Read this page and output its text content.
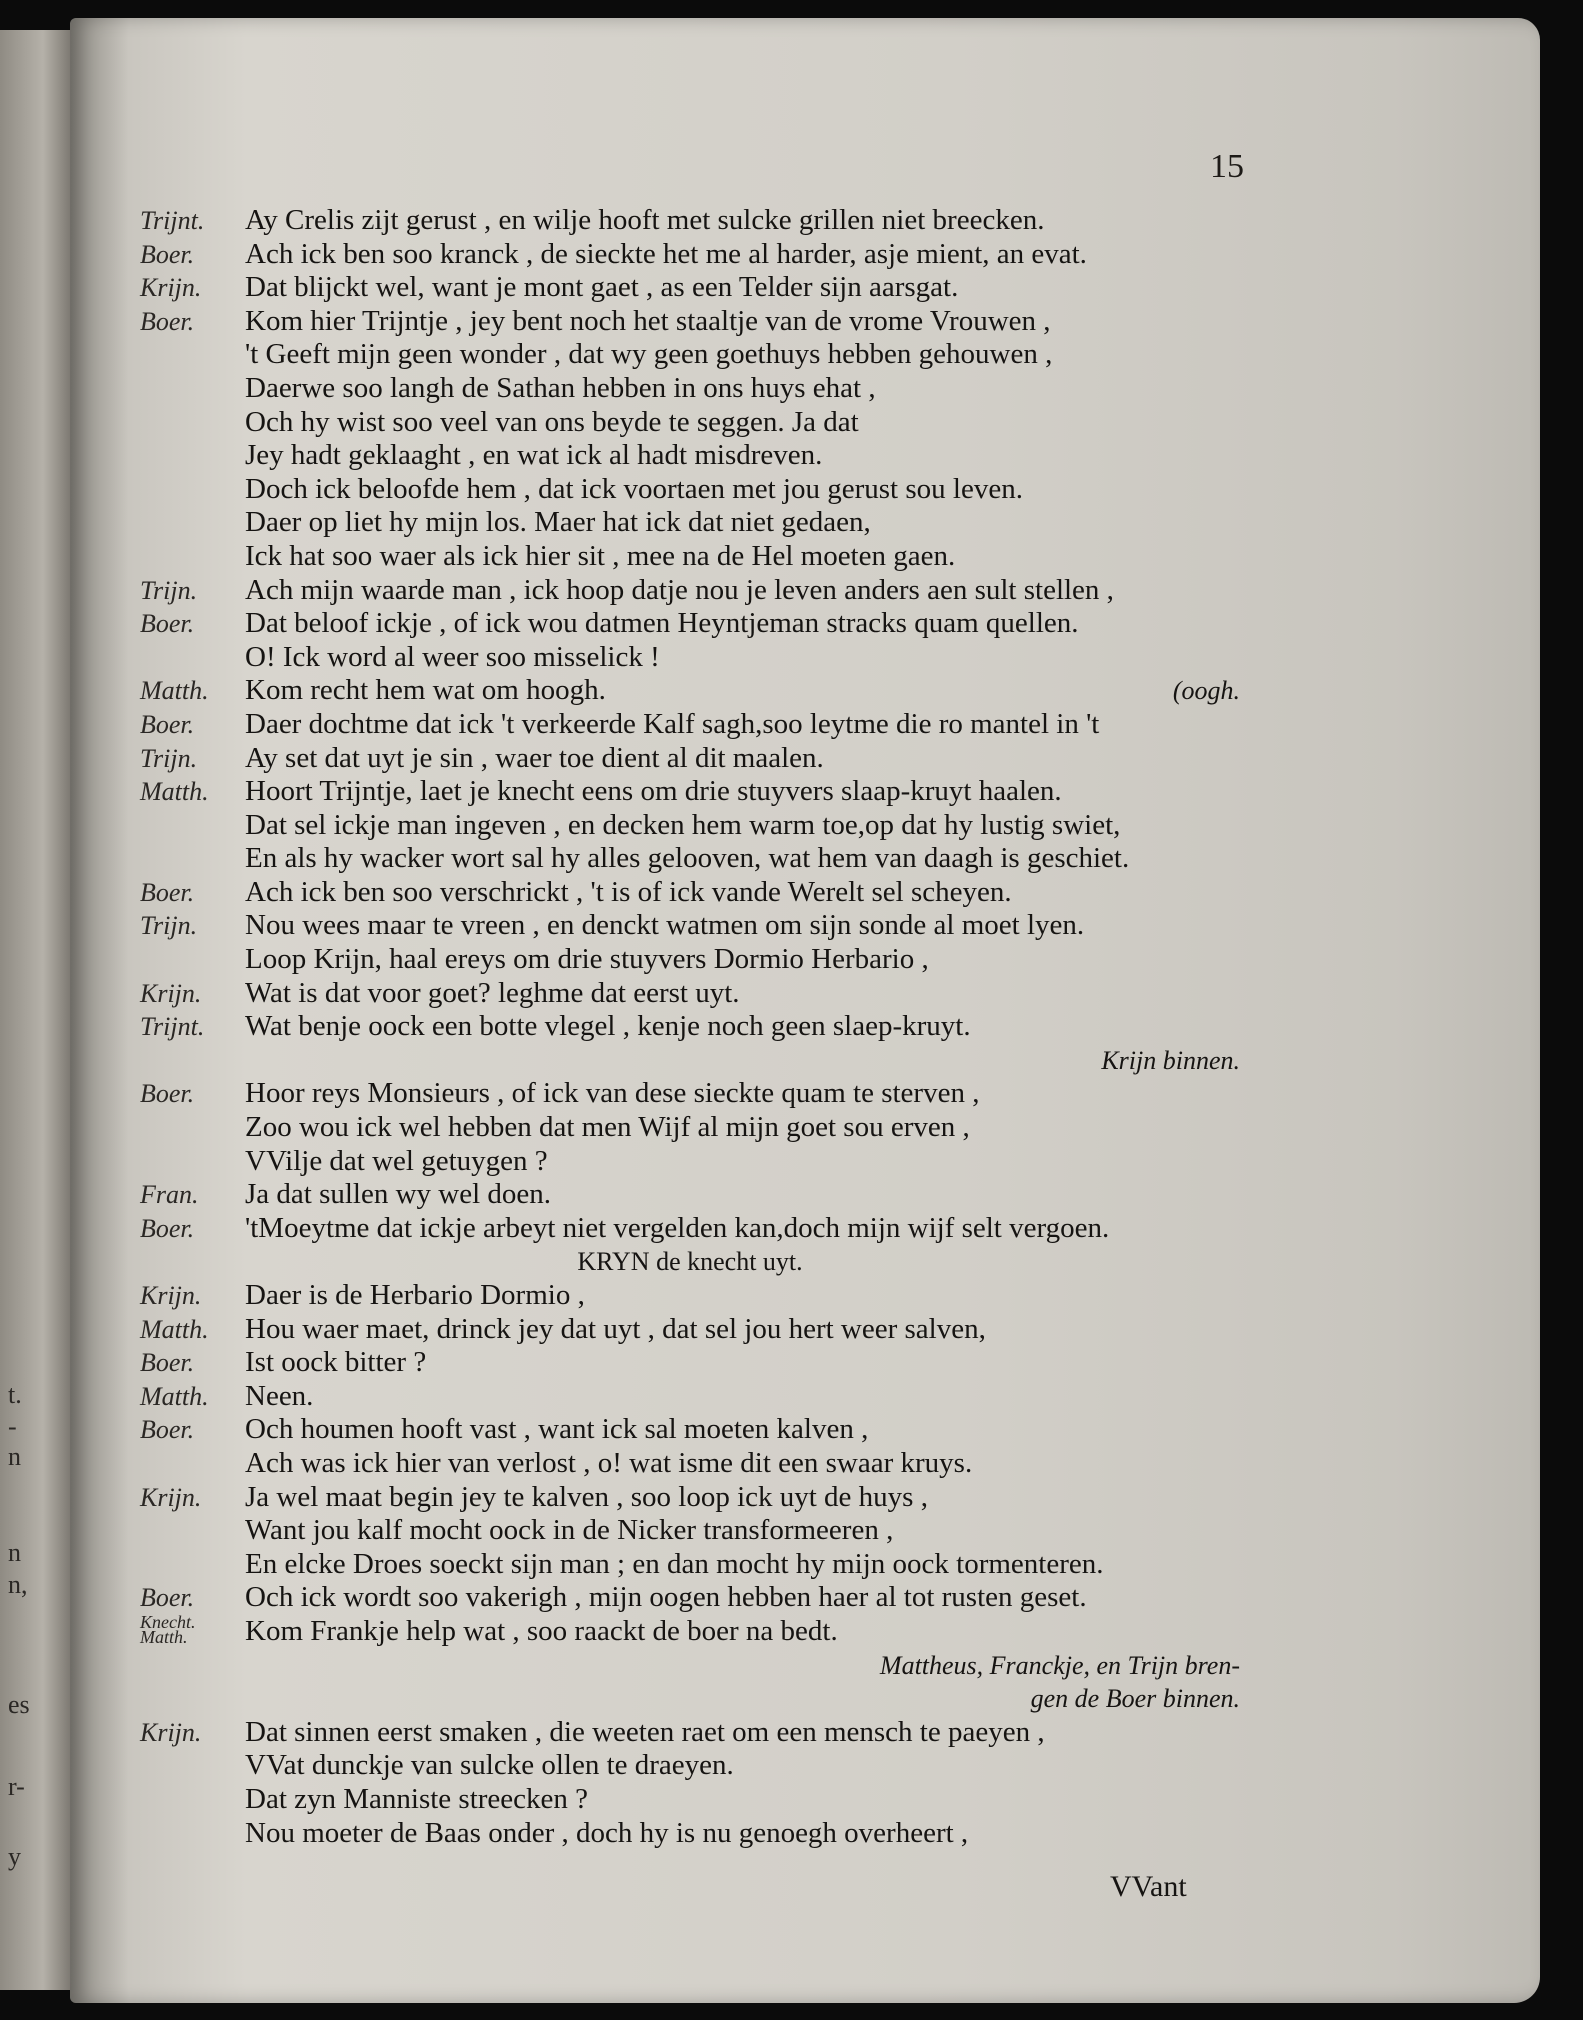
t.
-
n
n
n,
es
r-
y
15
Trijnt. Ay Crelis zijt gerust , en wilje hooft met sulcke grillen niet breecken.
Boer. Ach ick ben soo kranck , de sieckte het me al harder, asje mient, an evat.
Krijn. Dat blijckt wel, want je mont gaet , as een Telder sijn aarsgat.
Boer. Kom hier Trijntje , jey bent noch het staaltje van de vrome Vrouwen ,
't Geeft mijn geen wonder , dat wy geen goethuys hebben gehouwen ,
Daerwe soo langh de Sathan hebben in ons huys ehat ,
Och hy wist soo veel van ons beyde te seggen. Ja dat
Jey hadt geklaaght , en wat ick al hadt misdreven.
Doch ick beloofde hem , dat ick voortaen met jou gerust sou leven.
Daer op liet hy mijn los. Maer hat ick dat niet gedaen,
Ick hat soo waer als ick hier sit , mee na de Hel moeten gaen.
Trijn. Ach mijn waarde man , ick hoop datje nou je leven anders aen sult stellen ,
Boer. Dat beloof ickje , of ick wou datmen Heyntjeman stracks quam quellen.
O! Ick word al weer soo misselick !
Matth. Kom recht hem wat om hoogh.	(oogh.
Boer. Daer dochtme dat ick 't verkeerde Kalf sagh,soo leytme die ro mantel in 't
Trijn. Ay set dat uyt je sin , waer toe dient al dit maalen.
Matth. Hoort Trijntje, laet je knecht eens om drie stuyvers slaap-kruyt haalen.
Dat sel ickje man ingeven , en decken hem warm toe,op dat hy lustig swiet,
En als hy wacker wort sal hy alles gelooven, wat hem van daagh is geschiet.
Boer. Ach ick ben soo verschrickt , 't is of ick vande Werelt sel scheyen.
Trijn. Nou wees maar te vreen , en denckt watmen om sijn sonde al moet lyen.
Loop Krijn, haal ereys om drie stuyvers Dormio Herbario ,
Krijn. Wat is dat voor goet? leghme dat eerst uyt.
Trijnt. Wat benje oock een botte vlegel , kenje noch geen slaep-kruyt.
Krijn binnen.
Boer. Hoor reys Monsieurs , of ick van dese sieckte quam te sterven ,
Zoo wou ick wel hebben dat men Wijf al mijn goet sou erven ,
VVilje dat wel getuygen ?
Fran. Ja dat sullen wy wel doen.
Boer. 'tMoeytme dat ickje arbeyt niet vergelden kan,doch mijn wijf selt vergoen.
KRYN de knecht uyt.
Krijn. Daer is de Herbario Dormio ,
Matth. Hou waer maet, drinck jey dat uyt , dat sel jou hert weer salven,
Boer. Ist oock bitter ?
Matth. Neen.
Boer. Och houmen hooft vast , want ick sal moeten kalven ,
Ach was ick hier van verlost , o! wat isme dit een swaar kruys.
Krijn. Ja wel maat begin jey te kalven , soo loop ick uyt de huys ,
Want jou kalf mocht oock in de Nicker transformeeren ,
En elcke Droes soeckt sijn man ; en dan mocht hy mijn oock tormenteren.
Boer. Och ick wordt soo vakerigh , mijn oogen hebben haer al tot rusten geset.
Knecht. Matth.	Kom Frankje help wat , soo raackt de boer na bedt.
Mattheus, Franckje, en Trijn bren-
gen de Boer binnen.
Krijn. Dat sinnen eerst smaken , die weeten raet om een mensch te paeyen ,
VVat dunckje van sulcke ollen te draeyen.
Dat zyn Manniste streecken ?
Nou moeter de Baas onder , doch hy is nu genoegh overheert ,
VVant
